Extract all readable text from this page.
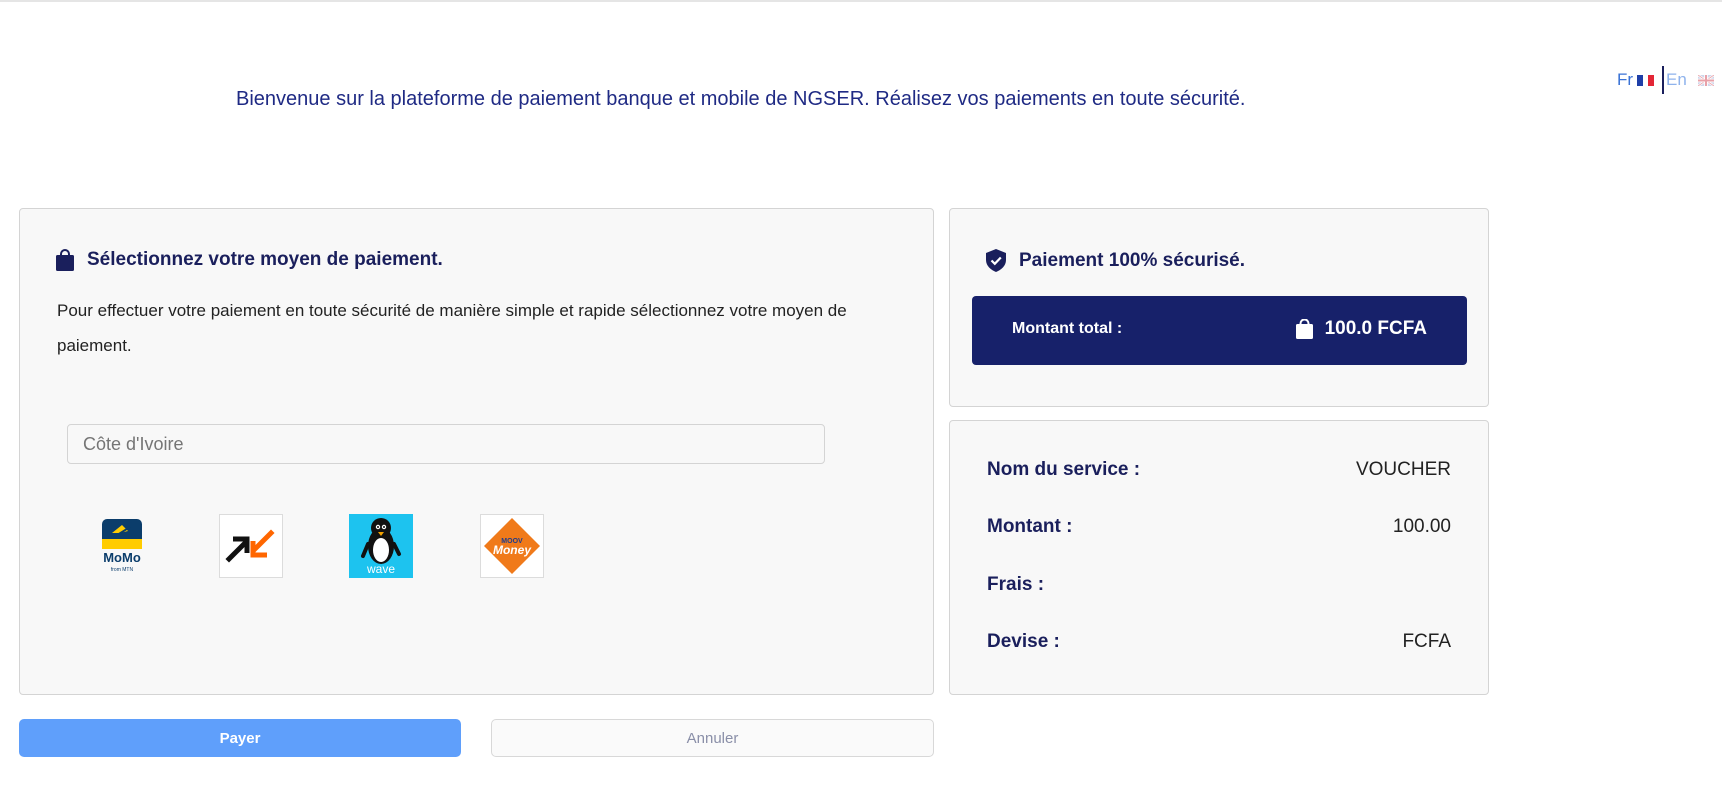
Fr En
Bienvenue sur la plateforme de paiement banque et mobile de NGSER. Réalisez vos paiements en toute sécurité.
Sélectionnez votre moyen de paiement.

Pour effectuer votre paiement en toute sécurité de manière simple et rapide sélectionnez votre moyen de paiement.

Côte d'Ivoire
MoMo
from MTN	wave
MOOV
Money
Paiement 100% sécurisé.
Montant total :	100.0 FCFA
Nom du service :	VOUCHER
Montant :	100.00
Frais :
Devise :	FCFA
Payer	Annuler
